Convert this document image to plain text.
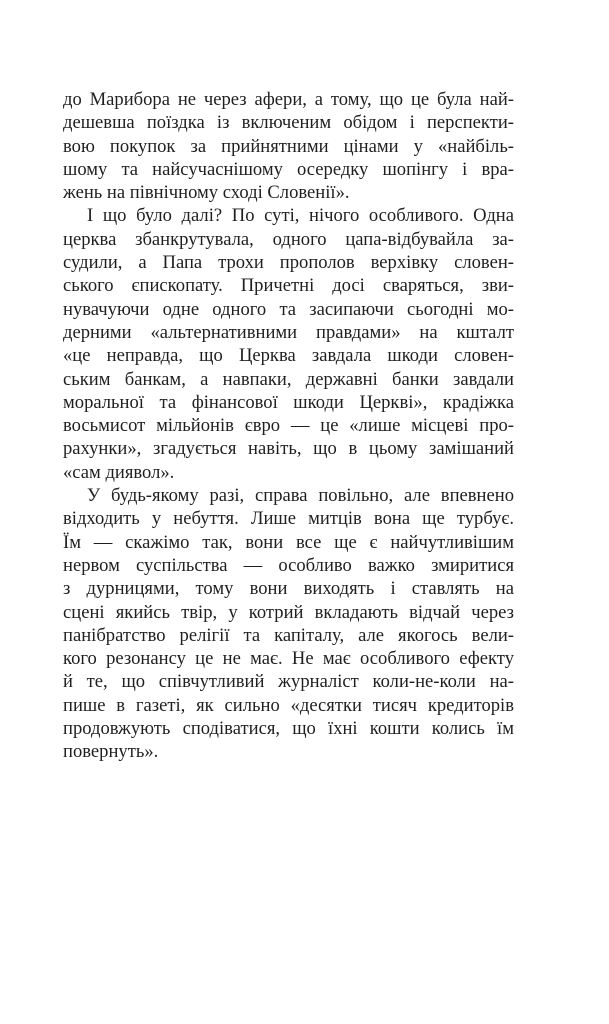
до Марибора не через афери, а тому, що це була най-
дешевша поїздка із включеним обідом і перспекти-
вою покупок за прийнятними цінами у «найбіль-
шому та найсучаснішому осередку шопінгу і вра-
жень на північному сході Словенії».
І що було далі? По суті, нічого особливого. Одна
церква збанкрутувала, одного цапа-відбувайла за-
судили, а Папа трохи прополов верхівку словен-
ського єпископату. Причетні досі сваряться, зви-
нувачуючи одне одного та засипаючи сьогодні мо-
дерними «альтернативними правдами» на кшталт
«це неправда, що Церква завдала шкоди словен-
ським банкам, а навпаки, державні банки завдали
моральної та фінансової шкоди Церкві», крадіжка
восьмисот мільйонів євро — це «лише місцеві про-
рахунки», згадується навіть, що в цьому замішаний
«сам диявол».
У будь-якому разі, справа повільно, але впевнено
відходить у небуття. Лише митців вона ще турбує.
Їм — скажімо так, вони все ще є найчутливішим
нервом суспільства — особливо важко змиритися
з дурницями, тому вони виходять і ставлять на
сцені якийсь твір, у котрий вкладають відчай через
панібратство релігії та капіталу, але якогось вели-
кого резонансу це не має. Не має особливого ефекту
й те, що співчутливий журналіст коли-не-коли на-
пише в газеті, як сильно «десятки тисяч кредиторів
продовжують сподіватися, що їхні кошти колись їм
повернуть».
